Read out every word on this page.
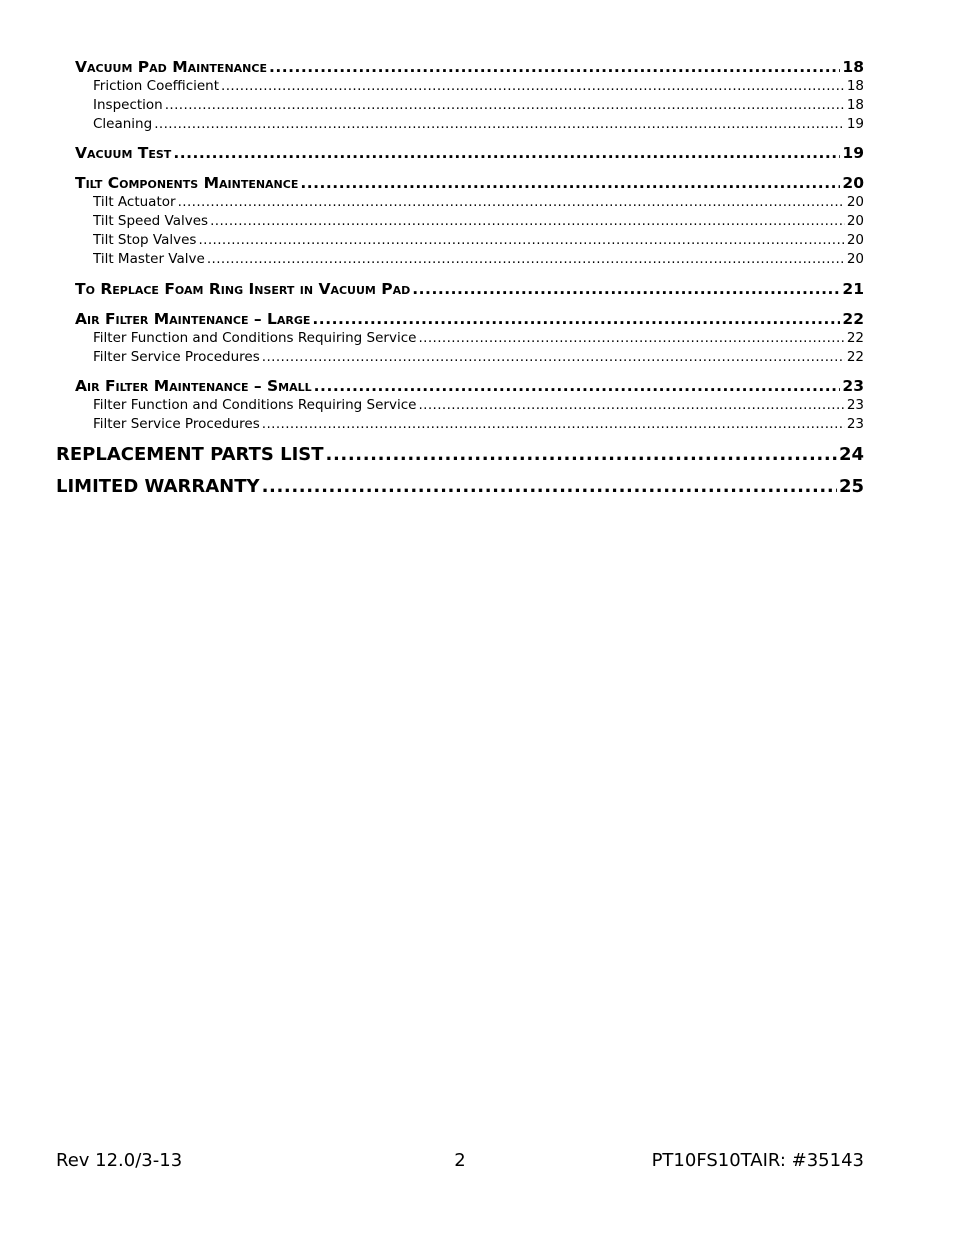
Vacuum Pad Maintenance .....	18
Friction Coefficient .....	18
Inspection .....	18
Cleaning .....	19
Vacuum Test .....	19
Tilt Components Maintenance .....	20
Tilt Actuator .....	20
Tilt Speed Valves .....	20
Tilt Stop Valves .....	20
Tilt Master Valve .....	20
To Replace Foam Ring Insert in Vacuum Pad .....	21
Air Filter Maintenance – Large .....	22
Filter Function and Conditions Requiring Service .....	22
Filter Service Procedures .....	22
Air Filter Maintenance – Small .....	23
Filter Function and Conditions Requiring Service .....	23
Filter Service Procedures .....	23
REPLACEMENT PARTS LIST .....	24
LIMITED WARRANTY .....	25
Rev 12.0/3-13	2	PT10FS10TAIR: #35143
